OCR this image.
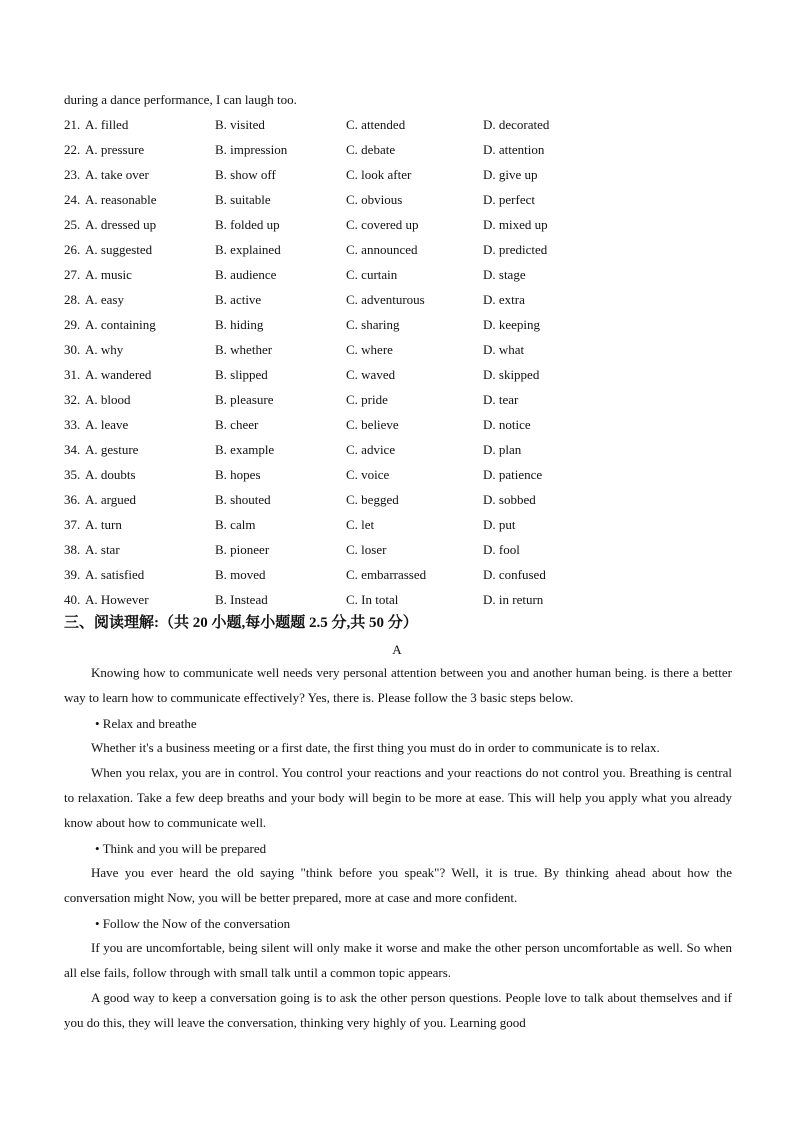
during a dance performance, I can laugh too.
21. A. filled	B. visited	C. attended	D. decorated
22. A. pressure	B. impression	C. debate	D. attention
23. A. take over	B. show off	C. look after	D. give up
24. A. reasonable	B. suitable	C. obvious	D. perfect
25. A. dressed up	B. folded up	C. covered up	D. mixed up
26. A. suggested	B. explained	C. announced	D. predicted
27. A. music	B. audience	C. curtain	D. stage
28. A. easy	B. active	C. adventurous	D. extra
29. A. containing	B. hiding	C. sharing	D. keeping
30. A. why	B. whether	C. where	D. what
31. A. wandered	B. slipped	C. waved	D. skipped
32. A. blood	B. pleasure	C. pride	D. tear
33. A. leave	B. cheer	C. believe	D. notice
34. A. gesture	B. example	C. advice	D. plan
35. A. doubts	B. hopes	C. voice	D. patience
36. A. argued	B. shouted	C. begged	D. sobbed
37. A. turn	B. calm	C. let	D. put
38. A. star	B. pioneer	C. loser	D. fool
39. A. satisfied	B. moved	C. embarrassed	D. confused
40. A. However	B. Instead	C. In total	D. in return
三、阅读理解:（共 20 小题,每小题题 2.5 分,共 50 分）
A
Knowing how to communicate well needs very personal attention between you and another human being. is there a better way to learn how to communicate effectively? Yes, there is. Please follow the 3 basic steps below.
• Relax and breathe
Whether it's a business meeting or a first date, the first thing you must do in order to communicate is to relax.
When you relax, you are in control. You control your reactions and your reactions do not control you. Breathing is central to relaxation. Take a few deep breaths and your body will begin to be more at ease. This will help you apply what you already know about how to communicate well.
• Think and you will be prepared
Have you ever heard the old saying "think before you speak"? Well, it is true. By thinking ahead about how the conversation might Now, you will be better prepared, more at case and more confident.
• Follow the Now of the conversation
If you are uncomfortable, being silent will only make it worse and make the other person uncomfortable as well. So when all else fails, follow through with small talk until a common topic appears.
A good way to keep a conversation going is to ask the other person questions. People love to talk about themselves and if you do this, they will leave the conversation, thinking very highly of you. Learning good
